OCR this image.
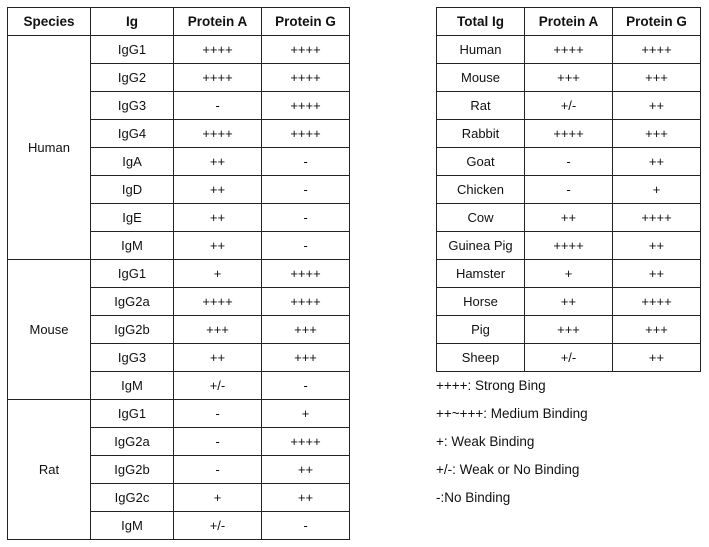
Species	Ig	Protein A	Protein G
Human	IgG1	++++	++++
	IgG2	++++	++++
	IgG3	-	++++
	IgG4	++++	++++
	IgA	++	-
	IgD	++	-
	IgE	++	-
	IgM	++	-
Mouse	IgG1	+	++++
	IgG2a	++++	++++
	IgG2b	+++	+++
	IgG3	++	+++
	IgM	+/-	-
Rat	IgG1	-	+
	IgG2a	-	++++
	IgG2b	-	++
	IgG2c	+	++
	IgM	+/-	-
Total Ig	Protein A	Protein G
Human	++++	++++
Mouse	+++	+++
Rat	+/-	++
Rabbit	++++	+++
Goat	-	++
Chicken	-	+
Cow	++	++++
Guinea Pig	++++	++
Hamster	+	++
Horse	++	++++
Pig	+++	+++
Sheep	+/-	++
++++: Strong Bing
++~+++: Medium Binding
+: Weak Binding
+/-: Weak or No Binding
-:No Binding
